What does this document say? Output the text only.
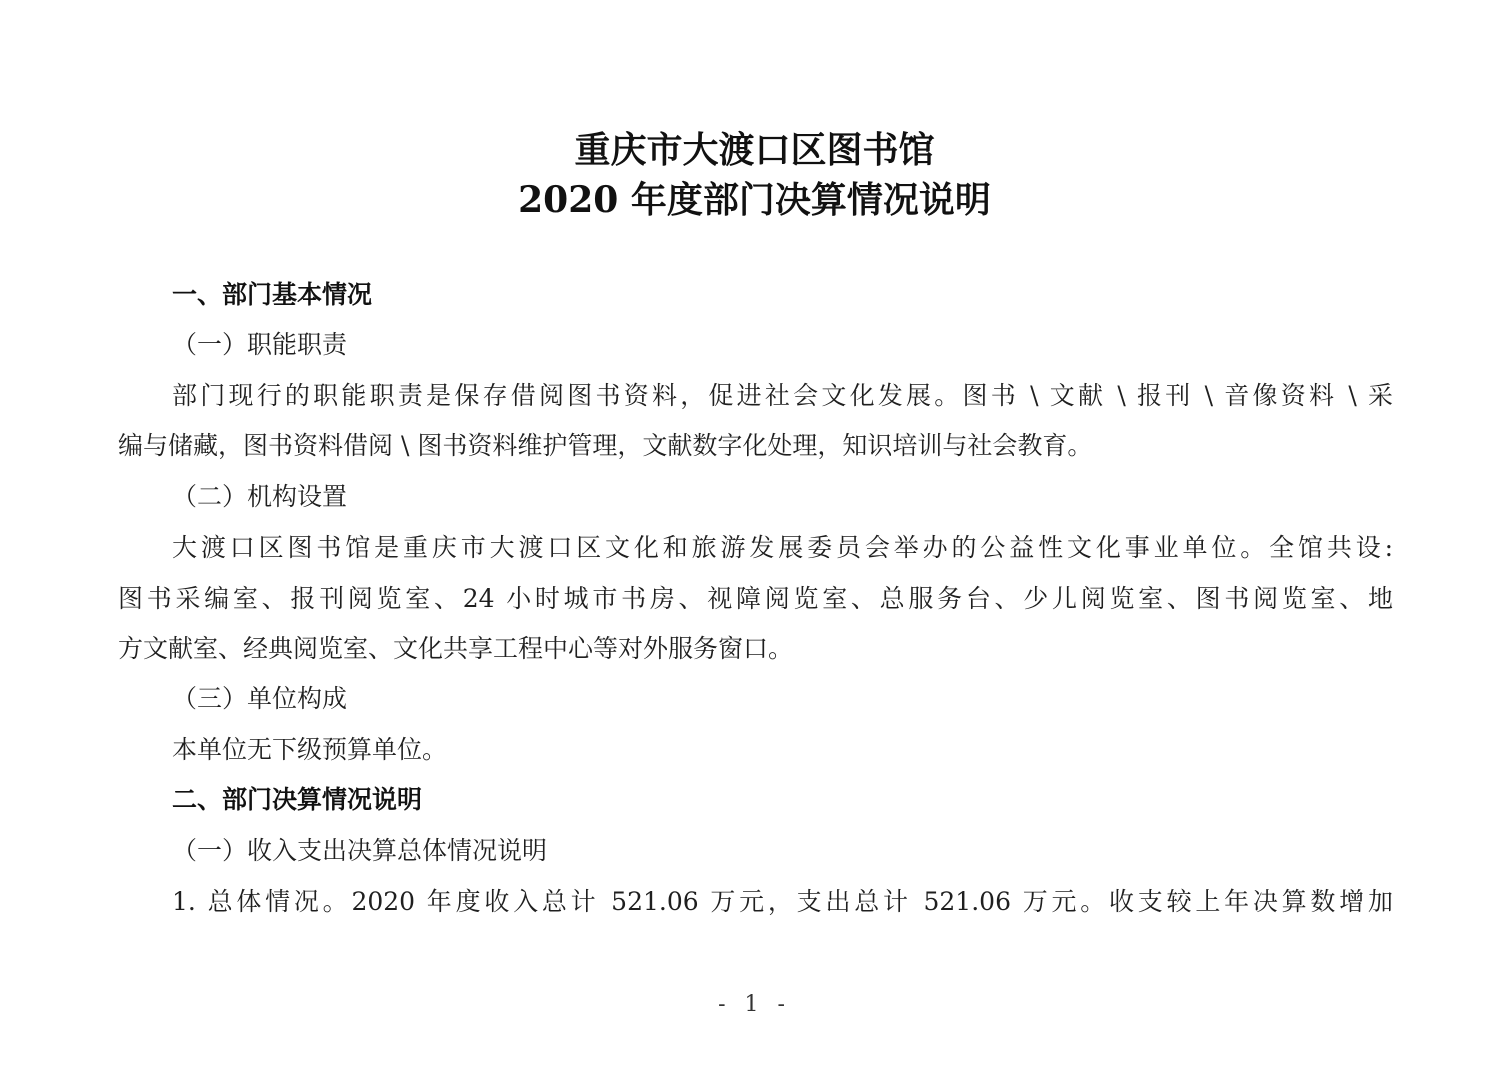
重庆市大渡口区图书馆
2020 年度部门决算情况说明
一、部门基本情况
（一）职能职责
部门现行的职能职责是保存借阅图书资料，促进社会文化发展。图书 \ 文献 \ 报刊 \ 音像资料 \ 采
编与储藏，图书资料借阅 \ 图书资料维护管理，文献数字化处理，知识培训与社会教育。
（二）机构设置
大渡口区图书馆是重庆市大渡口区文化和旅游发展委员会举办的公益性文化事业单位。全馆共设:
图书采编室、报刊阅览室、24 小时城市书房、视障阅览室、总服务台、少儿阅览室、图书阅览室、地
方文献室、经典阅览室、文化共享工程中心等对外服务窗口。
（三）单位构成
本单位无下级预算单位。
二、部门决算情况说明
（一）收入支出决算总体情况说明
1. 总体情况。2020 年度收入总计 521.06 万元，支出总计 521.06 万元。收支较上年决算数增加
- 1 -
